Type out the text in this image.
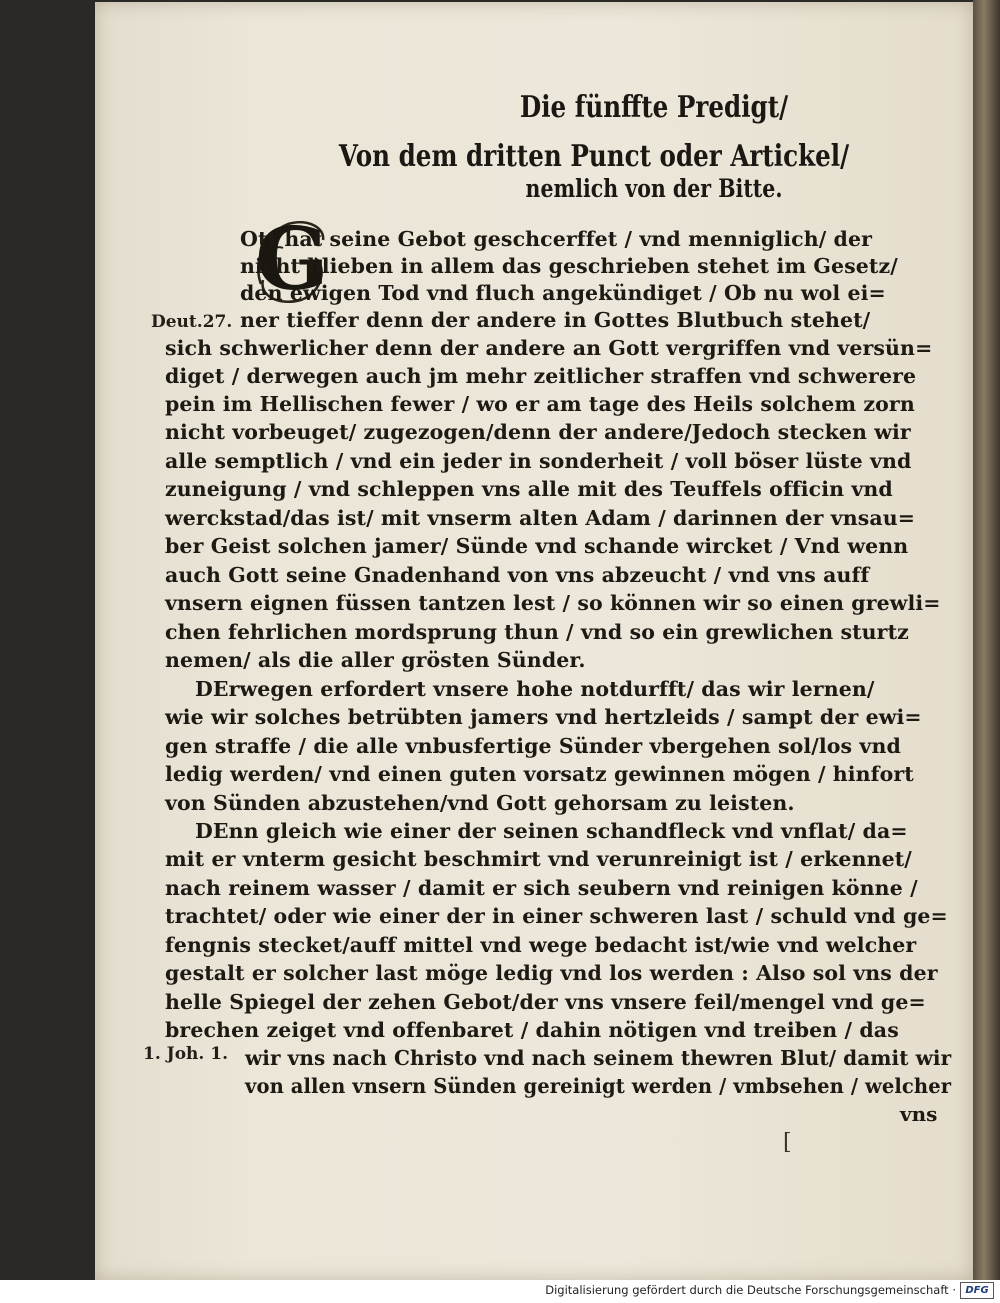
Die fünffte Predigt/
Von dem dritten Punct oder Artickel/
nemlich von der Bitte.
G
Deut.27.
1. Joh. 1.
Ott hat seine Gebot geschcerffet / vnd menniglich/ der
nicht blieben in allem das geschrieben stehet im Gesetz/
den ewigen Tod vnd fluch angekündiget / Ob nu wol ei=
ner tieffer denn der andere in Gottes Blutbuch stehet/
sich schwerlicher denn der andere an Gott vergriffen vnd versün=
diget / derwegen auch jm mehr zeitlicher straffen vnd schwerere
pein im Hellischen fewer / wo er am tage des Heils solchem zorn
nicht vorbeuget/ zugezogen/denn der andere/Jedoch stecken wir
alle semptlich / vnd ein jeder in sonderheit / voll böser lüste vnd
zuneigung / vnd schleppen vns alle mit des Teuffels officin vnd
werckstad/das ist/ mit vnserm alten Adam / darinnen der vnsau=
ber Geist solchen jamer/ Sünde vnd schande wircket / Vnd wenn
auch Gott seine Gnadenhand von vns abzeucht / vnd vns auff
vnsern eignen füssen tantzen lest / so können wir so einen grewli=
chen fehrlichen mordsprung thun / vnd so ein grewlichen sturtz
nemen/ als die aller grösten Sünder.
DErwegen erfordert vnsere hohe notdurfft/ das wir lernen/
wie wir solches betrübten jamers vnd hertzleids / sampt der ewi=
gen straffe / die alle vnbusfertige Sünder vbergehen sol/los vnd
ledig werden/ vnd einen guten vorsatz gewinnen mögen / hinfort
von Sünden abzustehen/vnd Gott gehorsam zu leisten.
DEnn gleich wie einer der seinen schandfleck vnd vnflat/ da=
mit er vnterm gesicht beschmirt vnd verunreinigt ist / erkennet/
nach reinem wasser / damit er sich seubern vnd reinigen könne /
trachtet/ oder wie einer der in einer schweren last / schuld vnd ge=
fengnis stecket/auff mittel vnd wege bedacht ist/wie vnd welcher
gestalt er solcher last möge ledig vnd los werden : Also sol vns der
helle Spiegel der zehen Gebot/der vns vnsere feil/mengel vnd ge=
brechen zeiget vnd offenbaret / dahin nötigen vnd treiben / das
wir vns nach Christo vnd nach seinem thewren Blut/ damit wir
von allen vnsern Sünden gereinigt werden / vmbsehen / welcher
vns
[
Digitalisierung gefördert durch die Deutsche Forschungsgemeinschaft · DFG
